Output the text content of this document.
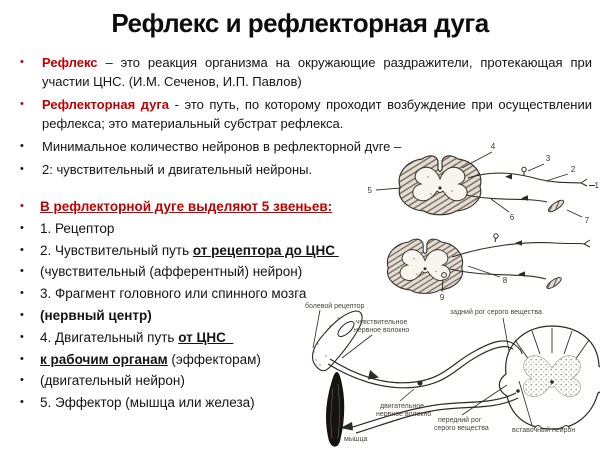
Рефлекс и рефлекторная дуга
• Рефлекс – это реакция организма на окружающие раздражители, протекающая при участии ЦНС. (И.М. Сеченов, И.П. Павлов)
• Рефлекторная дуга - это путь, по которому проходит возбуждение при осуществлении рефлекса; это материальный субстрат рефлекса.
• Минимальное количество нейронов в рефлекторной дvге –
• 2: чувствительный и двигательный нейроны.
• В рефлекторной дуге выделяют 5 звеньев:
• 1. Рецептор
• 2. Чувствительный путь от рецептора до ЦНС
• (чувствительный (афферентный) нейрон)
• 3. Фрагмент головного или спинного мозга
• (нервный центр)
• 4. Двигательный путь от ЦНС
• к рабочим органам (эффекторам)
• (двигательный нейрон)
• 5. Эффектор (мышца или железа)
4
3
2
1
5
6	7
8
9
болевой рецептор
чувствительное
нервное волокно
задний рог серого вещества
двигательное
нервное волокно
передний рог
серого вещества	вставочный нейрон
мышца
